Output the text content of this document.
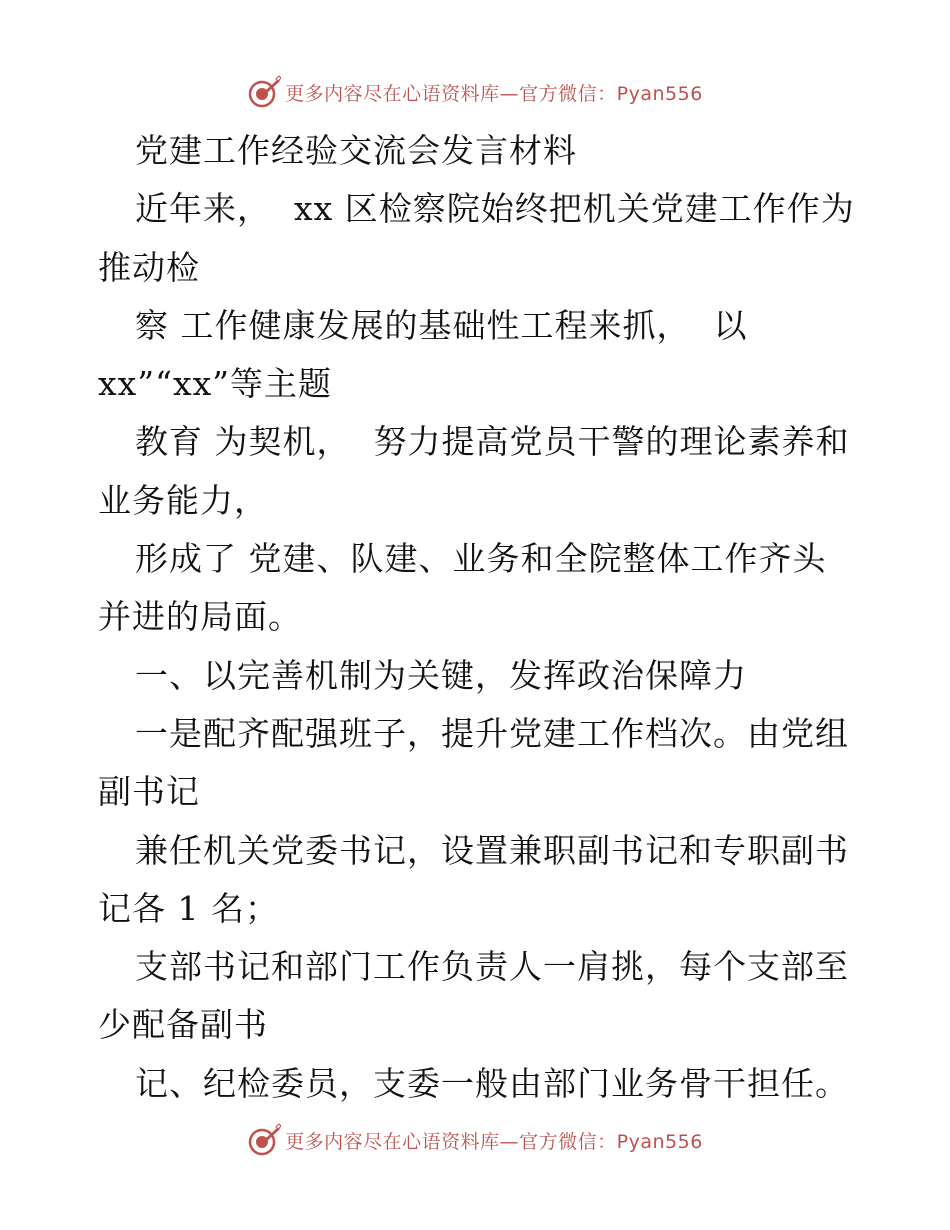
更多内容尽在心语资料库—官方微信：Pyan556
党建工作经验交流会发言材料
近年来，  xx 区检察院始终把机关党建工作作为
推动检
察 工作健康发展的基础性工程来抓，  以
xx”“xx”等主题
教育 为契机，  努力提高党员干警的理论素养和
业务能力，
形成了 党建、队建、业务和全院整体工作齐头
并进的局面。
一、以完善机制为关键，发挥政治保障力
一是配齐配强班子，提升党建工作档次。由党组
副书记
兼任机关党委书记，设置兼职副书记和专职副书
记各 1 名；
支部书记和部门工作负责人一肩挑，每个支部至
少配备副书
记、纪检委员，支委一般由部门业务骨干担任。
更多内容尽在心语资料库—官方微信：Pyan556
